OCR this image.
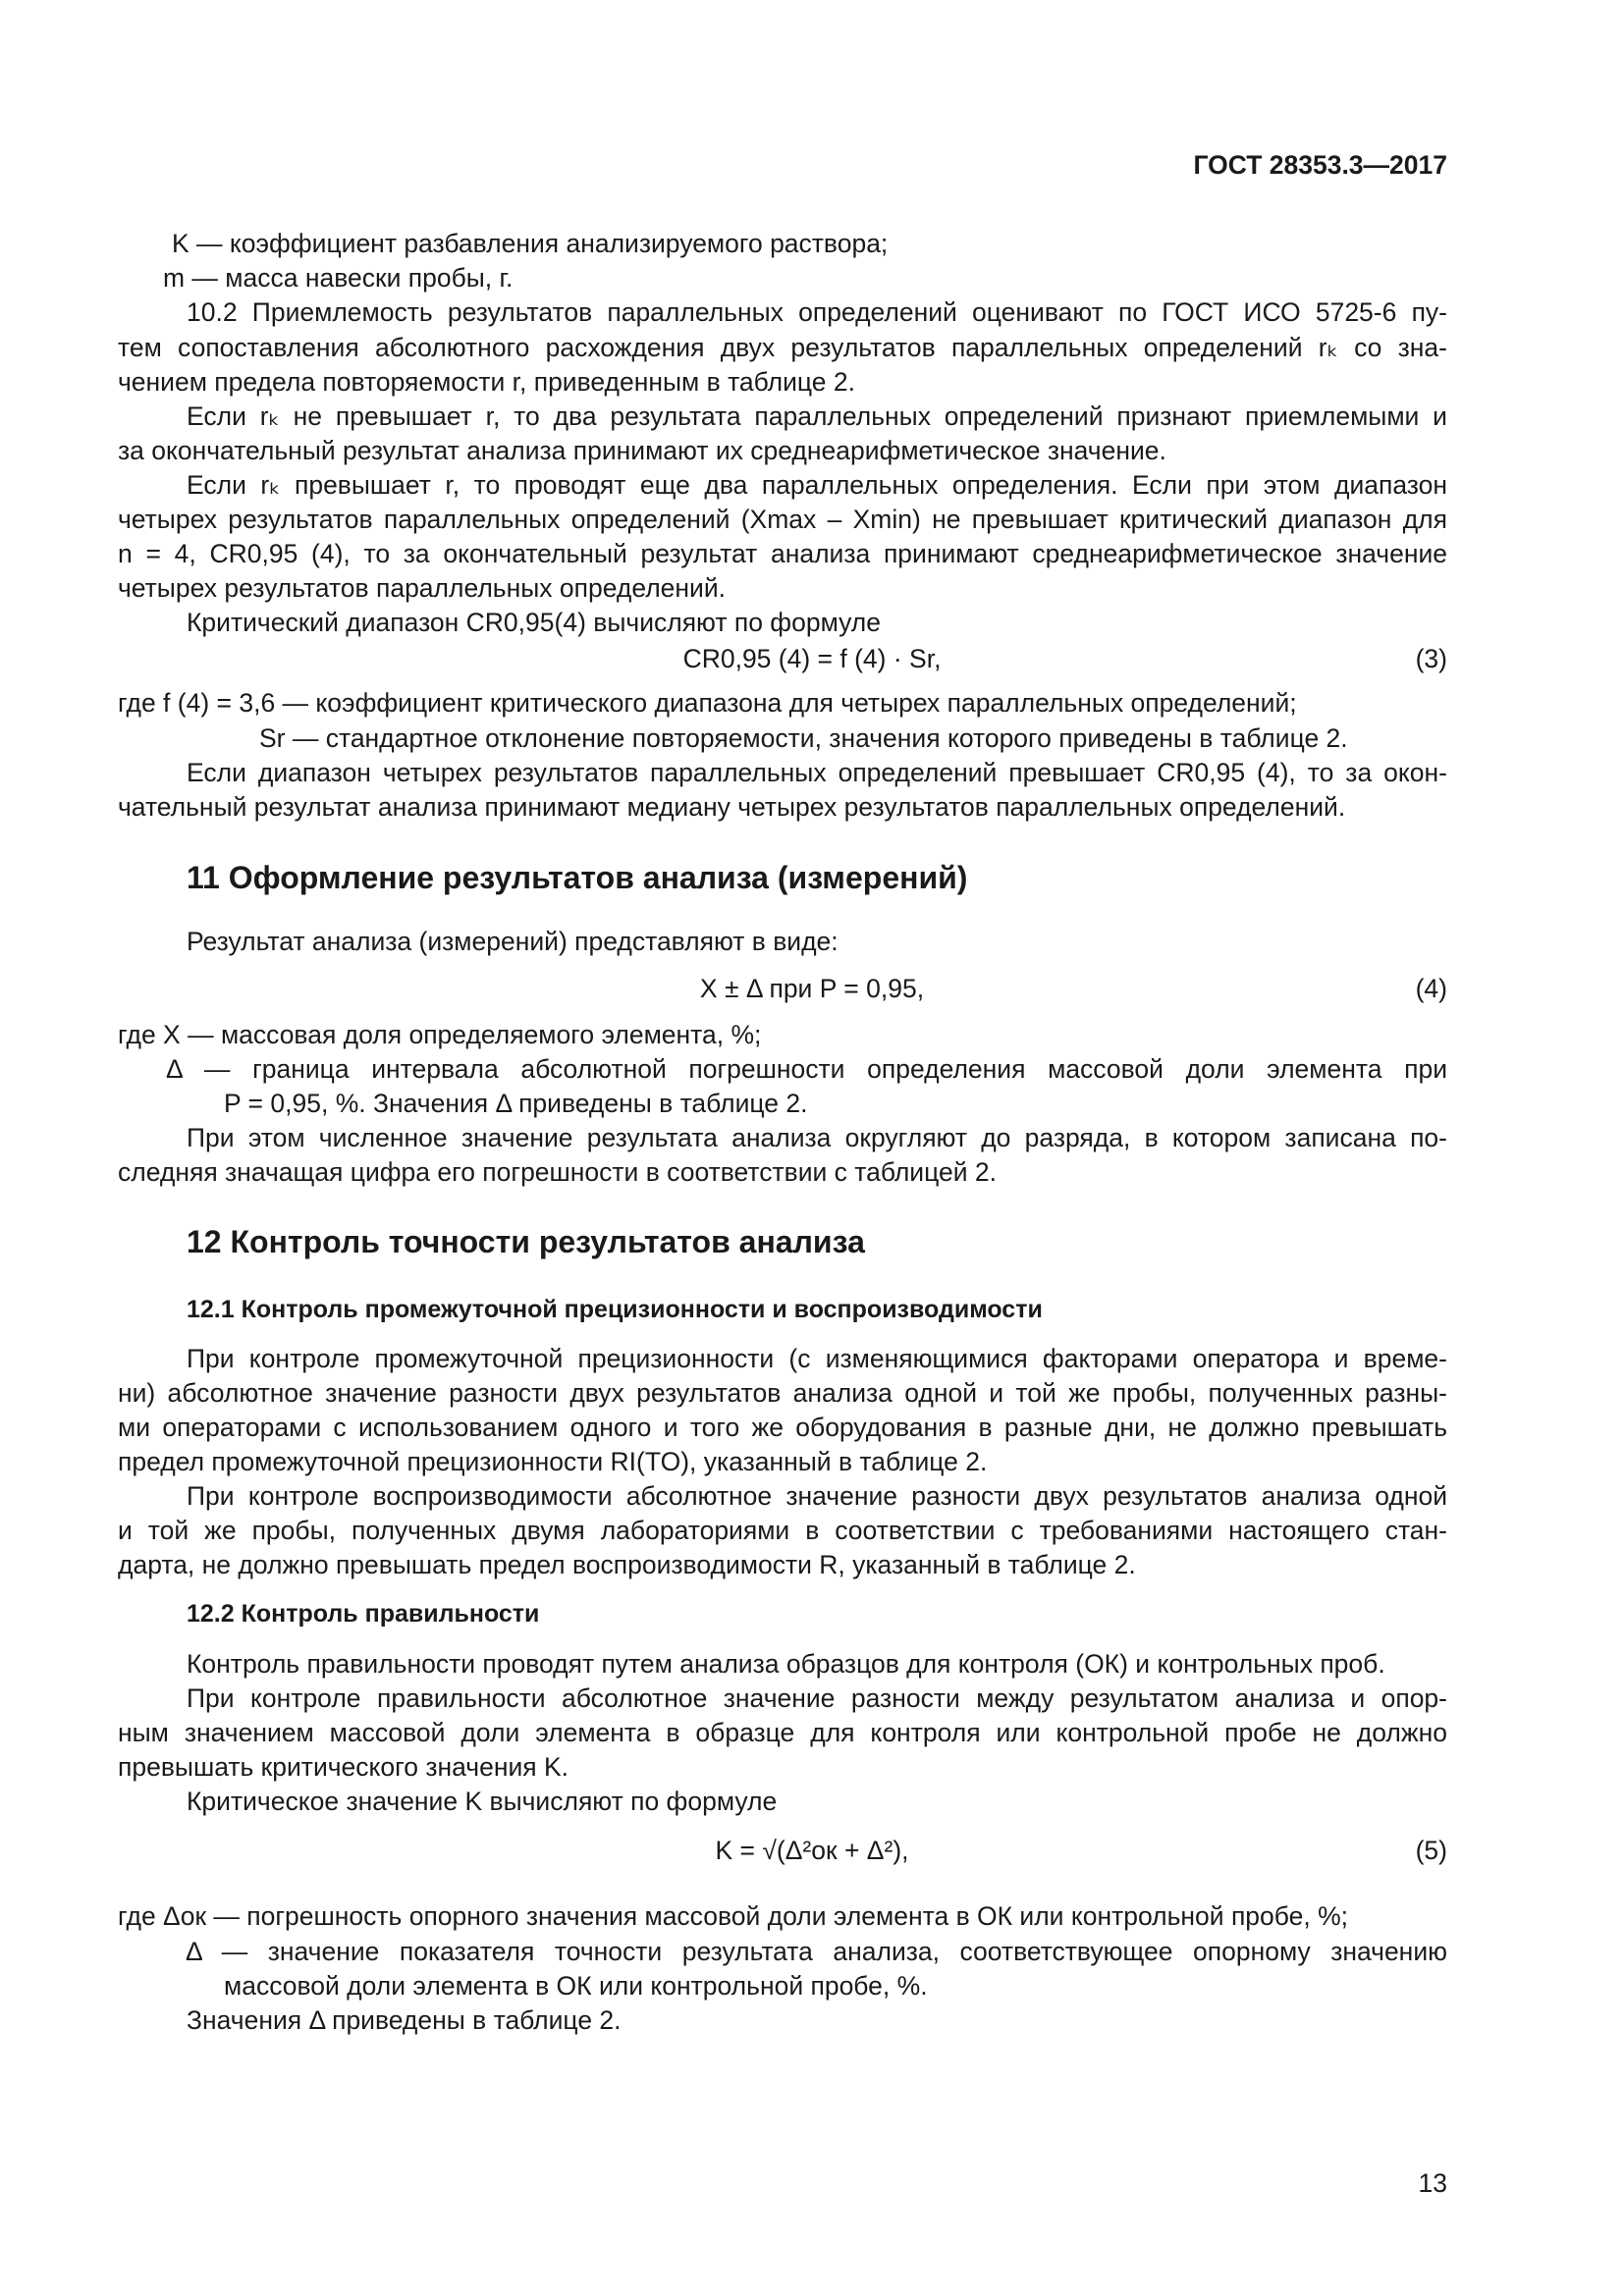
ГОСТ 28353.3—2017
K — коэффициент разбавления анализируемого раствора;
m — масса навески пробы, г.
10.2 Приемлемость результатов параллельных определений оценивают по ГОСТ ИСО 5725-6 пу-
тем сопоставления абсолютного расхождения двух результатов параллельных определений rₖ со зна-
чением предела повторяемости r, приведенным в таблице 2.
Если rₖ не превышает r, то два результата параллельных определений признают приемлемыми и
за окончательный результат анализа принимают их среднеарифметическое значение.
Если rₖ превышает r, то проводят еще два параллельных определения. Если при этом диапазон
четырех результатов параллельных определений (Xmax – Xmin) не превышает критический диапазон для
n = 4, CR0,95 (4), то за окончательный результат анализа принимают среднеарифметическое значение
четырех результатов параллельных определений.
Критический диапазон CR0,95(4) вычисляют по формуле
CR0,95 (4) = f (4) · Sr,	(3)
где f (4) = 3,6 — коэффициент критического диапазона для четырех параллельных определений;
Sr — стандартное отклонение повторяемости, значения которого приведены в таблице 2.
Если диапазон четырех результатов параллельных определений превышает CR0,95 (4), то за окон-
чательный результат анализа принимают медиану четырех результатов параллельных определений.
11 Оформление результатов анализа (измерений)
Результат анализа (измерений) представляют в виде:
X ± Δ при P = 0,95,	(4)
где X — массовая доля определяемого элемента, %;
Δ — граница интервала абсолютной погрешности определения массовой доли элемента при
P = 0,95, %. Значения Δ приведены в таблице 2.
При этом численное значение результата анализа округляют до разряда, в котором записана по-
следняя значащая цифра его погрешности в соответствии с таблицей 2.
12 Контроль точности результатов анализа
12.1 Контроль промежуточной прецизионности и воспроизводимости
При контроле промежуточной прецизионности (с изменяющимися факторами оператора и време-
ни) абсолютное значение разности двух результатов анализа одной и той же пробы, полученных разны-
ми операторами с использованием одного и того же оборудования в разные дни, не должно превышать
предел промежуточной прецизионности RI(TO), указанный в таблице 2.
При контроле воспроизводимости абсолютное значение разности двух результатов анализа одной
и той же пробы, полученных двумя лабораториями в соответствии с требованиями настоящего стан-
дарта, не должно превышать предел воспроизводимости R, указанный в таблице 2.
12.2 Контроль правильности
Контроль правильности проводят путем анализа образцов для контроля (ОК) и контрольных проб.
При контроле правильности абсолютное значение разности между результатом анализа и опор-
ным значением массовой доли элемента в образце для контроля или контрольной пробе не должно
превышать критического значения K.
Критическое значение K вычисляют по формуле
K = √(Δ²ок + Δ²),	(5)
где Δок — погрешность опорного значения массовой доли элемента в ОК или контрольной пробе, %;
Δ — значение показателя точности результата анализа, соответствующее опорному значению
массовой доли элемента в ОК или контрольной пробе, %.
Значения Δ приведены в таблице 2.
13
